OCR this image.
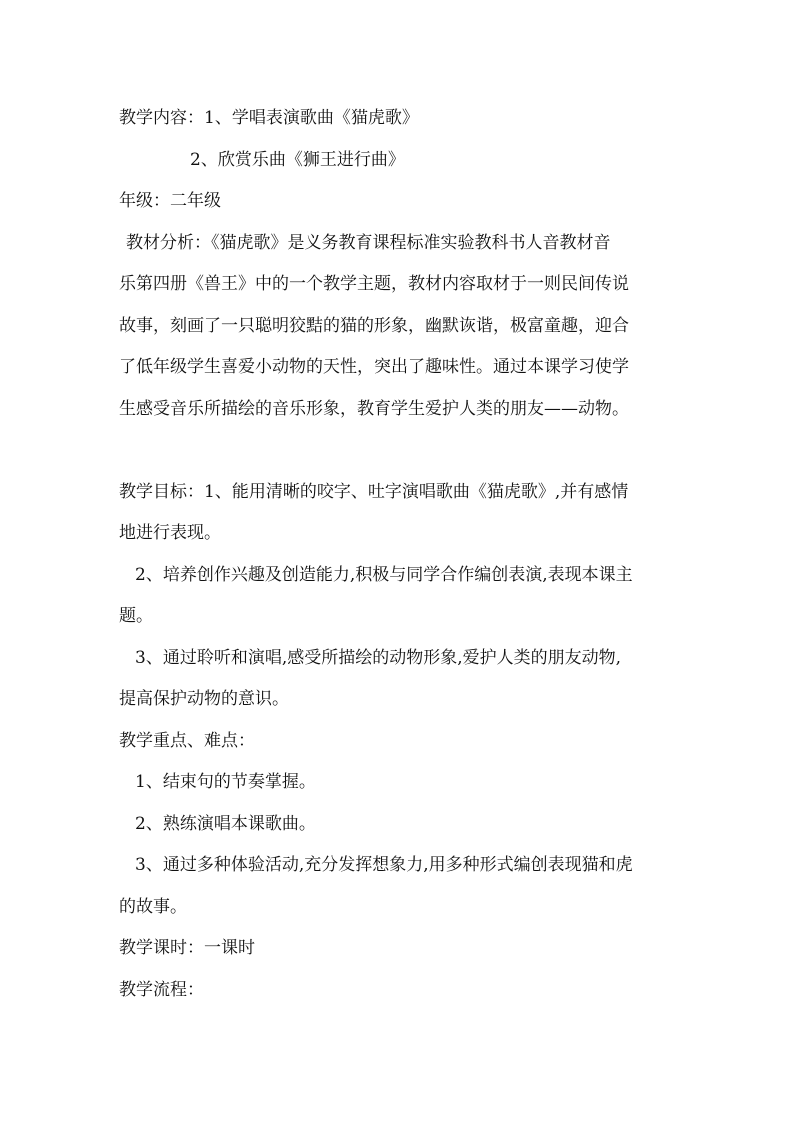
教学内容：1、学唱表演歌曲《猫虎歌》
2、欣赏乐曲《狮王进行曲》
年级：二年级
教材分析：《猫虎歌》是义务教育课程标准实验教科书人音教材音
乐第四册《兽王》中的一个教学主题，教材内容取材于一则民间传说
故事，刻画了一只聪明狡黠的猫的形象，幽默诙谐，极富童趣，迎合
了低年级学生喜爱小动物的天性，突出了趣味性。通过本课学习使学
生感受音乐所描绘的音乐形象，教育学生爱护人类的朋友——动物。
教学目标：1、能用清晰的咬字、吐字演唱歌曲《猫虎歌》,并有感情
地进行表现。
2、培养创作兴趣及创造能力,积极与同学合作编创表演,表现本课主
题。
3、通过聆听和演唱,感受所描绘的动物形象,爱护人类的朋友动物,
提高保护动物的意识。
教学重点、难点：
1、结束句的节奏掌握。
2、熟练演唱本课歌曲。
3、通过多种体验活动,充分发挥想象力,用多种形式编创表现猫和虎
的故事。
教学课时：一课时
教学流程：
